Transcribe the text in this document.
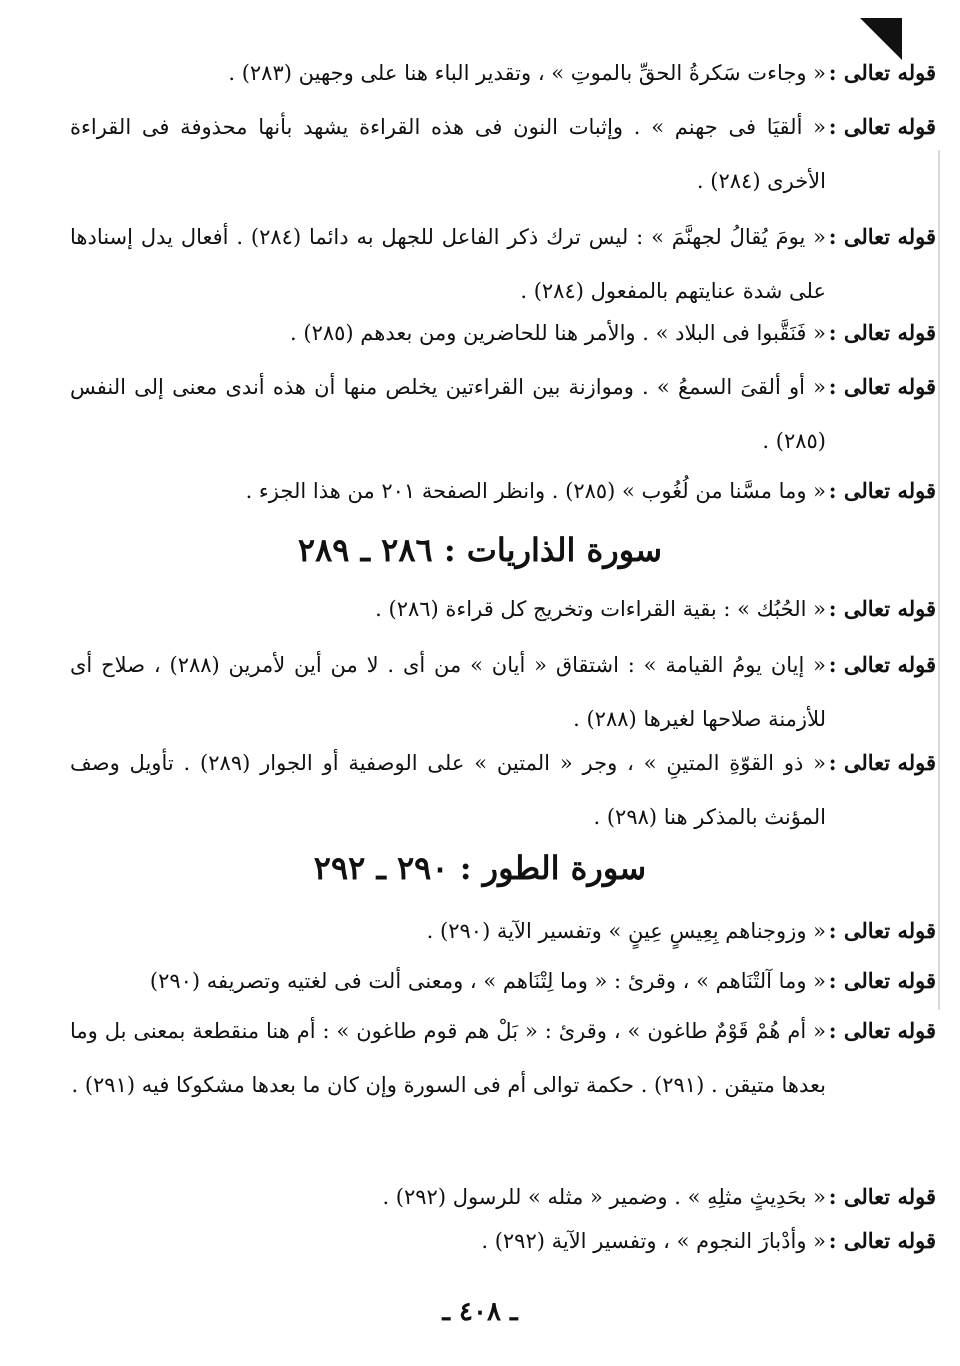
قوله تعالى :
« وجاءت سَكرةُ الحقِّ بالموتِ » ، وتقدير الباء هنا على وجهين (٢٨٣) .
قوله تعالى :
« ألقيَا فى جهنم » . وإثبات النون فى هذه القراءة يشهد بأنها محذوفة فى القراءة الأخرى (٢٨٤) .
قوله تعالى :
« يومَ يُقالُ لجهنَّمَ » : ليس ترك ذكر الفاعل للجهل به دائما (٢٨٤) . أفعال يدل إسنادها على شدة عنايتهم بالمفعول (٢٨٤) .
قوله تعالى :
« فَنَقَّبوا فى البلاد » . والأمر هنا للحاضرين ومن بعدهم (٢٨٥) .
قوله تعالى :
« أو ألقىَ السمعُ » . وموازنة بين القراءتين يخلص منها أن هذه أندى معنى إلى النفس (٢٨٥) .
قوله تعالى :
« وما مسَّنا من لُغُوب » (٢٨٥) . وانظر الصفحة ٢٠١ من هذا الجزء .
سورة الذاريات : ٢٨٦ ـ ٢٨٩
قوله تعالى :
« الحُبُك » : بقية القراءات وتخريج كل قراءة (٢٨٦) .
قوله تعالى :
« إيان يومُ القيامة » : اشتقاق « أيان » من أى . لا من أين لأمرين (٢٨٨) ، صلاح أى للأزمنة صلاحها لغيرها (٢٨٨) .
قوله تعالى :
« ذو القوّةِ المتينِ » ، وجر « المتين » على الوصفية أو الجوار (٢٨٩) . تأويل وصف المؤنث بالمذكر هنا (٢٩٨) .
سورة الطور : ٢٩٠ ـ ٢٩٢
قوله تعالى :
« وزوجناهم بِعِيسٍ عِينٍ » وتفسير الآية (٢٩٠) .
قوله تعالى :
« وما آلتْنَاهم » ، وقرئ : « وما لِتْنَاهم » ، ومعنى ألت فى لغتيه وتصريفه (٢٩٠)
قوله تعالى :
« أم هُمْ قَوْمٌ طاغون » ، وقرئ : « بَلْ هم قوم طاغون » : أم هنا منقطعة بمعنى بل وما بعدها متيقن . (٢٩١) . حكمة توالى أم فى السورة وإن كان ما بعدها مشكوكا فيه (٢٩١) .
قوله تعالى :
« بحَدِيثٍ مثلِهِ » . وضمير « مثله » للرسول (٢٩٢) .
قوله تعالى :
« وأدْبارَ النجوم » ، وتفسير الآية (٢٩٢) .
ـ ٤٠٨ ـ
